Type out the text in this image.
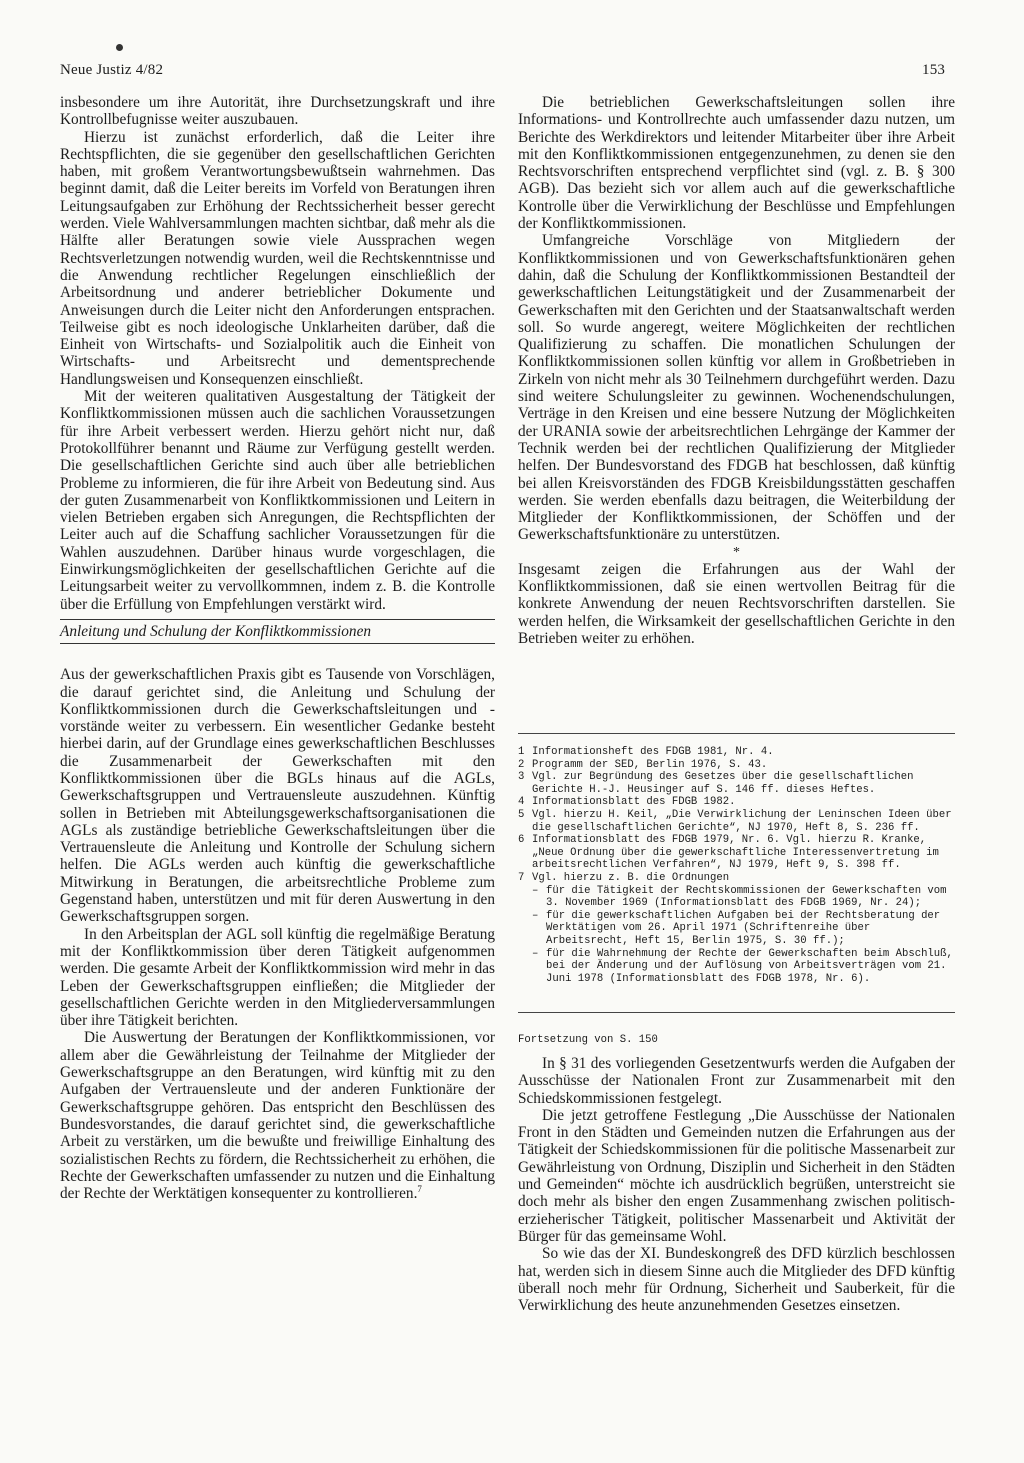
Neue Justiz 4/82	153

insbesondere um ihre Autorität, ihre Durchsetzungskraft und ihre Kontrollbefugnisse weiter auszubauen.

Hierzu ist zunächst erforderlich, daß die Leiter ihre Rechtspflichten, die sie gegenüber den gesellschaftlichen Gerichten haben, mit großem Verantwortungsbewußtsein wahrnehmen. Das beginnt damit, daß die Leiter bereits im Vorfeld von Beratungen ihren Leitungsaufgaben zur Erhöhung der Rechtssicherheit besser gerecht werden. Viele Wahlversammlungen machten sichtbar, daß mehr als die Hälfte aller Beratungen sowie viele Aussprachen wegen Rechtsverletzungen notwendig wurden, weil die Rechtskenntnisse und die Anwendung rechtlicher Regelungen einschließlich der Arbeitsordnung und anderer betrieblicher Dokumente und Anweisungen durch die Leiter nicht den Anforderungen entsprachen. Teilweise gibt es noch ideologische Unklarheiten darüber, daß die Einheit von Wirtschafts- und Sozialpolitik auch die Einheit von Wirtschafts- und Arbeitsrecht und dementsprechende Handlungsweisen und Konsequenzen einschließt.

Mit der weiteren qualitativen Ausgestaltung der Tätigkeit der Konfliktkommissionen müssen auch die sachlichen Voraussetzungen für ihre Arbeit verbessert werden. Hierzu gehört nicht nur, daß Protokollführer benannt und Räume zur Verfügung gestellt werden. Die gesellschaftlichen Gerichte sind auch über alle betrieblichen Probleme zu informieren, die für ihre Arbeit von Bedeutung sind. Aus der guten Zusammenarbeit von Konfliktkommissionen und Leitern in vielen Betrieben ergaben sich Anregungen, die Rechtspflichten der Leiter auch auf die Schaffung sachlicher Voraussetzungen für die Wahlen auszudehnen. Darüber hinaus wurde vorgeschlagen, die Einwirkungsmöglichkeiten der gesellschaftlichen Gerichte auf die Leitungsarbeit weiter zu vervollkommnen, indem z. B. die Kontrolle über die Erfüllung von Empfehlungen verstärkt wird.

Anleitung und Schulung der Konfliktkommissionen

Aus der gewerkschaftlichen Praxis gibt es Tausende von Vorschlägen, die darauf gerichtet sind, die Anleitung und Schulung der Konfliktkommissionen durch die Gewerkschaftsleitungen und -vorstände weiter zu verbessern. Ein wesentlicher Gedanke besteht hierbei darin, auf der Grundlage eines gewerkschaftlichen Beschlusses die Zusammenarbeit der Gewerkschaften mit den Konfliktkommissionen über die BGLs hinaus auf die AGLs, Gewerkschaftsgruppen und Vertrauensleute auszudehnen. Künftig sollen in Betrieben mit Abteilungsgewerkschaftsorganisationen die AGLs als zuständige betriebliche Gewerkschaftsleitungen über die Vertrauensleute die Anleitung und Kontrolle der Schulung sichern helfen. Die AGLs werden auch künftig die gewerkschaftliche Mitwirkung in Beratungen, die arbeitsrechtliche Probleme zum Gegenstand haben, unterstützen und mit für deren Auswertung in den Gewerkschaftsgruppen sorgen.

In den Arbeitsplan der AGL soll künftig die regelmäßige Beratung mit der Konfliktkommission über deren Tätigkeit aufgenommen werden. Die gesamte Arbeit der Konfliktkommission wird mehr in das Leben der Gewerkschaftsgruppen einfließen; die Mitglieder der gesellschaftlichen Gerichte werden in den Mitgliederversammlungen über ihre Tätigkeit berichten.

Die Auswertung der Beratungen der Konfliktkommissionen, vor allem aber die Gewährleistung der Teilnahme der Mitglieder der Gewerkschaftsgruppe an den Beratungen, wird künftig mit zu den Aufgaben der Vertrauensleute und der anderen Funktionäre der Gewerkschaftsgruppe gehören. Das entspricht den Beschlüssen des Bundesvorstandes, die darauf gerichtet sind, die gewerkschaftliche Arbeit zu verstärken, um die bewußte und freiwillige Einhaltung des sozialistischen Rechts zu fördern, die Rechtssicherheit zu erhöhen, die Rechte der Gewerkschaften umfassender zu nutzen und die Einhaltung der Rechte der Werktätigen konsequenter zu kontrollieren.$^7$

Die betrieblichen Gewerkschaftsleitungen sollen ihre Informations- und Kontrollrechte auch umfassender dazu nutzen, um Berichte des Werkdirektors und leitender Mitarbeiter über ihre Arbeit mit den Konfliktkommissionen entgegenzunehmen, zu denen sie den Rechtsvorschriften entsprechend verpflichtet sind (vgl. z. B. § 300 AGB). Das bezieht sich vor allem auch auf die gewerkschaftliche Kontrolle über die Verwirklichung der Beschlüsse und Empfehlungen der Konfliktkommissionen.

Umfangreiche Vorschläge von Mitgliedern der Konfliktkommissionen und von Gewerkschaftsfunktionären gehen dahin, daß die Schulung der Konfliktkommissionen Bestandteil der gewerkschaftlichen Leitungstätigkeit und der Zusammenarbeit der Gewerkschaften mit den Gerichten und der Staatsanwaltschaft werden soll. So wurde angeregt, weitere Möglichkeiten der rechtlichen Qualifizierung zu schaffen. Die monatlichen Schulungen der Konfliktkommissionen sollen künftig vor allem in Großbetrieben in Zirkeln von nicht mehr als 30 Teilnehmern durchgeführt werden. Dazu sind weitere Schulungsleiter zu gewinnen. Wochenendschulungen, Verträge in den Kreisen und eine bessere Nutzung der Möglichkeiten der URANIA sowie der arbeitsrechtlichen Lehrgänge der Kammer der Technik werden bei der rechtlichen Qualifizierung der Mitglieder helfen. Der Bundesvorstand des FDGB hat beschlossen, daß künftig bei allen Kreisvorständen des FDGB Kreisbildungsstätten geschaffen werden. Sie werden ebenfalls dazu beitragen, die Weiterbildung der Mitglieder der Konfliktkommissionen, der Schöffen und der Gewerkschaftsfunktionäre zu unterstützen.

*

Insgesamt zeigen die Erfahrungen aus der Wahl der Konfliktkommissionen, daß sie einen wertvollen Beitrag für die konkrete Anwendung der neuen Rechtsvorschriften darstellen. Sie werden helfen, die Wirksamkeit der gesellschaftlichen Gerichte in den Betrieben weiter zu erhöhen.

1 Informationsheft des FDGB 1981, Nr. 4.
2 Programm der SED, Berlin 1976, S. 43.
3 Vgl. zur Begründung des Gesetzes über die gesellschaftlichen Gerichte H.-J. Heusinger auf S. 146 ff. dieses Heftes.
4 Informationsblatt des FDGB 1982.
5 Vgl. hierzu H. Keil, „Die Verwirklichung der Leninschen Ideen über die gesellschaftlichen Gerichte“, NJ 1970, Heft 8, S. 236 ff.
6 Informationsblatt des FDGB 1979, Nr. 6. Vgl. hierzu R. Kranke, „Neue Ordnung über die gewerkschaftliche Interessenvertretung im arbeitsrechtlichen Verfahren“, NJ 1979, Heft 9, S. 398 ff.
7 Vgl. hierzu z. B. die Ordnungen
– für die Tätigkeit der Rechtskommissionen der Gewerkschaften vom 3. November 1969 (Informationsblatt des FDGB 1969, Nr. 24);
– für die gewerkschaftlichen Aufgaben bei der Rechtsberatung der Werktätigen vom 26. April 1971 (Schriftenreihe über Arbeitsrecht, Heft 15, Berlin 1975, S. 30 ff.);
– für die Wahrnehmung der Rechte der Gewerkschaften beim Abschluß, bei der Änderung und der Auflösung von Arbeitsverträgen vom 21. Juni 1978 (Informationsblatt des FDGB 1978, Nr. 6).
Fortsetzung von S. 150

In § 31 des vorliegenden Gesetzentwurfs werden die Aufgaben der Ausschüsse der Nationalen Front zur Zusammenarbeit mit den Schiedskommissionen festgelegt.

Die jetzt getroffene Festlegung „Die Ausschüsse der Nationalen Front in den Städten und Gemeinden nutzen die Erfahrungen aus der Tätigkeit der Schiedskommissionen für die politische Massenarbeit zur Gewährleistung von Ordnung, Disziplin und Sicherheit in den Städten und Gemeinden“ möchte ich ausdrücklich begrüßen, unterstreicht sie doch mehr als bisher den engen Zusammenhang zwischen politisch-erzieherischer Tätigkeit, politischer Massenarbeit und Aktivität der Bürger für das gemeinsame Wohl.

So wie das der XI. Bundeskongreß des DFD kürzlich beschlossen hat, werden sich in diesem Sinne auch die Mitglieder des DFD künftig überall noch mehr für Ordnung, Sicherheit und Sauberkeit, für die Verwirklichung des heute anzunehmenden Gesetzes einsetzen.
